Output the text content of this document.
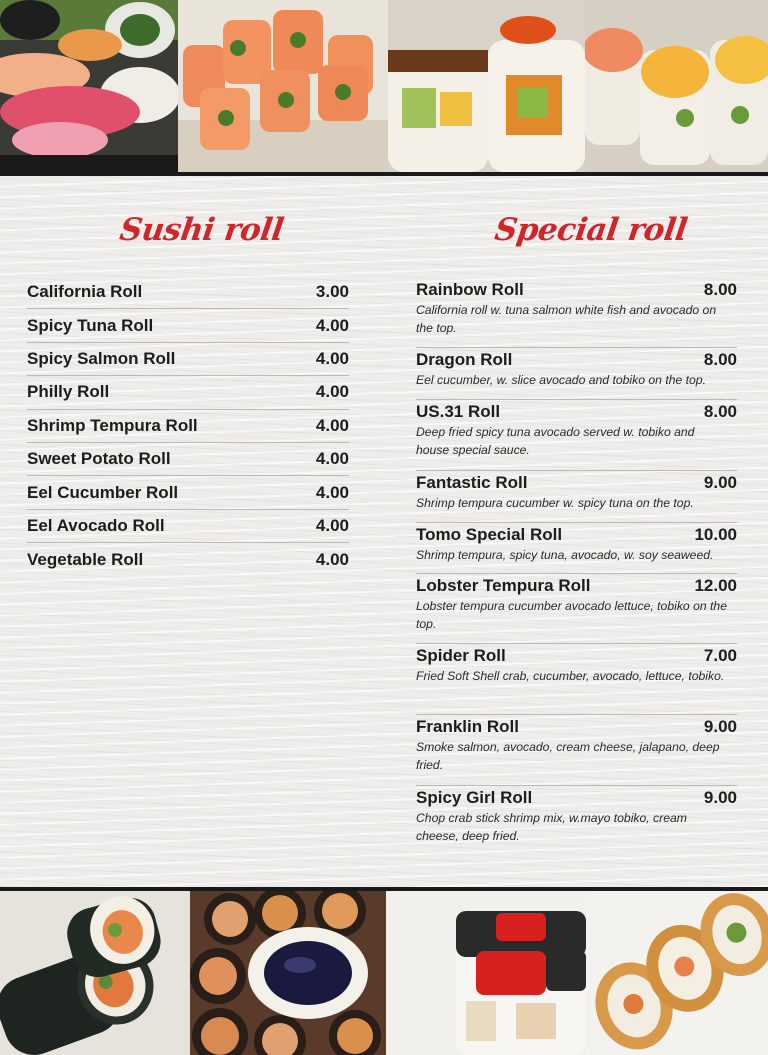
Sushi roll	Special roll
California Roll	3.00
Spicy Tuna Roll	4.00
Spicy Salmon Roll	4.00
Philly Roll	4.00
Shrimp Tempura Roll	4.00
Sweet Potato Roll	4.00
Eel Cucumber Roll	4.00
Eel Avocado Roll	4.00
Vegetable Roll	4.00
Rainbow Roll	8.00
California roll w. tuna salmon white fish and avocado on the top.
Dragon Roll	8.00
Eel cucumber, w. slice avocado and tobiko on the top.
US.31 Roll	8.00
Deep fried spicy tuna avocado served w. tobiko and house special sauce.
Fantastic Roll	9.00
Shrimp tempura cucumber w. spicy tuna on the top.
Tomo Special Roll	10.00
Shrimp tempura, spicy tuna, avocado, w. soy seaweed.
Lobster Tempura Roll	12.00
Lobster tempura cucumber avocado lettuce, tobiko on the top.
Spider Roll	7.00
Fried Soft Shell crab, cucumber, avocado, lettuce, tobiko.
Franklin Roll	9.00
Smoke salmon, avocado, cream cheese, jalapano, deep fried.
Spicy Girl Roll	9.00
Chop crab stick shrimp mix, w.mayo tobiko, cream cheese, deep fried.
